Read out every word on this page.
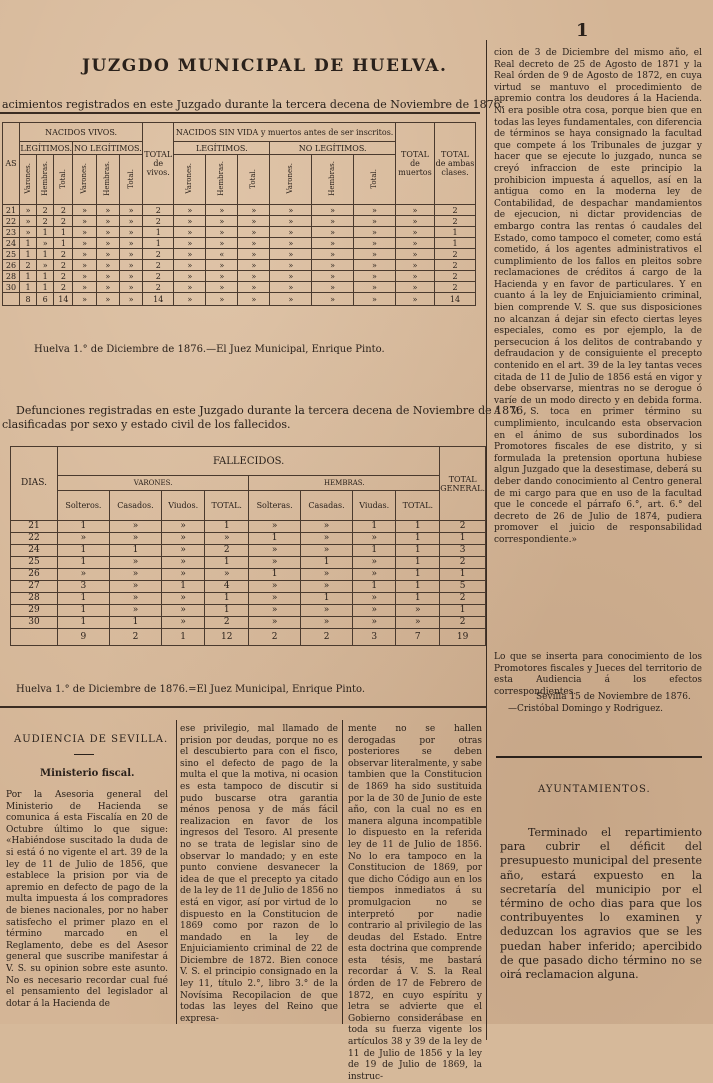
1
JUZGDO MUNICIPAL DE HUELVA.
acimientos registrados en este Juzgado durante la tercera decena de Noviembre de 1876.
AS	NACIDOS VIVOS.						TOTAL de vivos.	NACIDOS SIN VIDA y muertos antes de ser inscritos.						TOTAL de muertos	TOTAL de ambas clases.
	LEGÍTIMOS.			NO LEGÍTIMOS.				LEGÍTIMOS.			NO LEGÍTIMOS.				
	Varones.	Hembras.	Total.	Varones.	Hembras.	Total.		Varones.	Hembras.	Total.	Varones.	Hembras.	Total.		
21	»	2	2	»	»	»	2	»	»	»	»	»	»	»	2
22	»	2	2	»	»	»	2	»	»	»	»	»	»	»	2
23	»	1	1	»	»	»	1	»	»	»	»	»	»	»	1
24	1	»	1	»	»	»	1	»	»	»	»	»	»	»	1
25	1	1	2	»	»	»	2	»	«	»	»	»	»	»	2
26	2	»	2	»	»	»	2	»	»	»	»	»	»	»	2
28	1	1	2	»	»	»	2	»	»	»	»	»	»	»	2
30	1	1	2	»	»	»	2	»	»	»	»	»	»	»	2
	8	6	14	»	»	»	14	»	»	»	»	»	»	»	14
Huelva 1.° de Diciembre de 1876.—El Juez Municipal, Enrique Pinto.
Defunciones registradas en este Juzgado durante la tercera decena de Noviembre de 1876,
clasificadas por sexo y estado civil de los fallecidos.
DIAS.	FALLECIDOS.								TOTAL GENERAL.
	VARONES.				HEMBRAS.				
	Solteros.	Casados.	Viudos.	TOTAL.	Solteras.	Casadas.	Viudas.	TOTAL.	
21	1	»	»	1	»	»	1	1	2
22	»	»	»	»	1	»	»	1	1
24	1	1	»	2	»	»	1	1	3
25	1	»	»	1	»	1	»	1	2
26	»	»	»	»	1	»	»	1	1
27	3	»	1	4	»	»	1	1	5
28	1	»	»	1	»	1	»	1	2
29	1	»	»	1	»	»	»	»	1
30	1	1	»	2	»	»	»	»	2
	9	2	1	12	2	2	3	7	19
Huelva 1.° de Diciembre de 1876.=El Juez Municipal, Enrique Pinto.
AUDIENCIA DE SEVILLA.
Ministerio fiscal.

Por la Asesoria general del Ministerio de Hacienda se comunica á esta Fiscalía en 20 de Octubre último lo que sigue: «Habiéndose suscitado la duda de si está ó no vigente el art. 39 de la ley de 11 de Julio de 1856, que establece la prision por via de apremio en defecto de pago de la multa impuesta á los compradores de bienes nacionales, por no haber satisfecho el primer plazo en el término marcado en el Reglamento, debe es del Asesor general que suscribe manifestar á V. S. su opinion sobre este asunto. No es necesario recordar cual fué el pensamiento del legislador al dotar á la Hacienda de

ese privilegio, mal llamado de prision por deudas, porque no es el descubierto para con el fisco, sino el defecto de pago de la multa el que la motiva, ni ocasion es esta tampoco de discutir si pudo buscarse otra garantia ménos penosa y de más fácil realizacion en favor de los ingresos del Tesoro. Al presente no se trata de legislar sino de observar lo mandado; y en este punto conviene desvanecer la idea de que el precepto ya citado de la ley de 11 de Julio de 1856 no está en vigor, así por virtud de lo dispuesto en la Constitucion de 1869 como por razon de lo mandado en la ley de Enjuiciamiento criminal de 22 de Diciembre de 1872. Bien conoce V. S. el principio consignado en la ley 11, título 2.°, libro 3.° de la Novísima Recopilacion de que todas las leyes del Reino que expresa-

mente no se hallen derogadas por otras posteriores se deben observar literalmente, y sabe tambien que la Constitucion de 1869 ha sido sustituida por la de 30 de Junio de este año, con la cual no es en manera alguna incompatible lo dispuesto en la referida ley de 11 de Julio de 1856. No lo era tampoco en la Constitucion de 1869, por que dicho Código aun en los tiempos inmediatos á su promulgacion no se interpretó por nadie contrario al privilegio de las deudas del Estado. Entre esta doctrina que comprende esta tésis, me bastará recordar á V. S. la Real órden de 17 de Febrero de 1872, en cuyo espíritu y letra se advierte que el Gobierno considerábase en toda su fuerza vigente los artículos 38 y 39 de la ley de 11 de Julio de 1856 y la ley de 19 de Julio de 1869, la instruc-

cion de 3 de Diciembre del mismo año, el Real decreto de 25 de Agosto de 1871 y la Real órden de 9 de Agosto de 1872, en cuya virtud se mantuvo el procedimiento de apremio contra los deudores á la Hacienda. Ni era posible otra cosa, porque bien que en todas las leyes fundamentales, con diferencia de términos se haya consignado la facultad que compete á los Tribunales de juzgar y hacer que se ejecute lo juzgado, nunca se creyó infraccion de este principio la prohibicion impuesta á aquellos, así en la antigua como en la moderna ley de Contabilidad, de despachar mandamientos de ejecucion, ni dictar providencias de embargo contra las rentas ó caudales del Estado, como tampoco el cometer, como está cometido, á los agentes administrativos el cumplimiento de los fallos en pleitos sobre reclamaciones de créditos á cargo de la Hacienda y en favor de particulares. Y en cuanto á la ley de Enjuiciamiento criminal, bien comprende V. S. que sus disposiciones no alcanzan á dejar sin efecto ciertas leyes especiales, como es por ejemplo, la de persecucion á los delitos de contrabando y defraudacion y de consiguiente el precepto contenido en el art. 39 de la ley tantas veces citada de 11 de Julio de 1856 está en vigor y debe observarse, mientras no se derogue ó varíe de un modo directo y en debida forma. A V. S. toca en primer término su cumplimiento, inculcando esta observacion en el ánimo de sus subordinados los Promotores fiscales de ese distrito, y si formulada la pretension oportuna hubiese algun Juzgado que la desestimase, deberá su deber dando conocimiento al Centro general de mi cargo para que en uso de la facultad que le concede el párrafo 6.°, art. 6.° del decreto de 26 de Julio de 1874, pudiera promover el juicio de responsabilidad correspondiente.»

Lo que se inserta para conocimiento de los Promotores fiscales y Jueces del territorio de esta Audiencia á los efectos correspondientes.
Sevilla 15 de Noviembre de 1876.
—Cristóbal Domingo y Rodriguez.
AYUNTAMIENTOS.

Terminado el repartimiento para cubrir el déficit del presupuesto municipal del presente año, estará expuesto en la secretaría del municipio por el término de ocho dias para que los contribuyentes lo examinen y deduzcan los agravios que se les puedan haber inferido; apercibido de que pasado dicho término no se oirá reclamacion alguna.
